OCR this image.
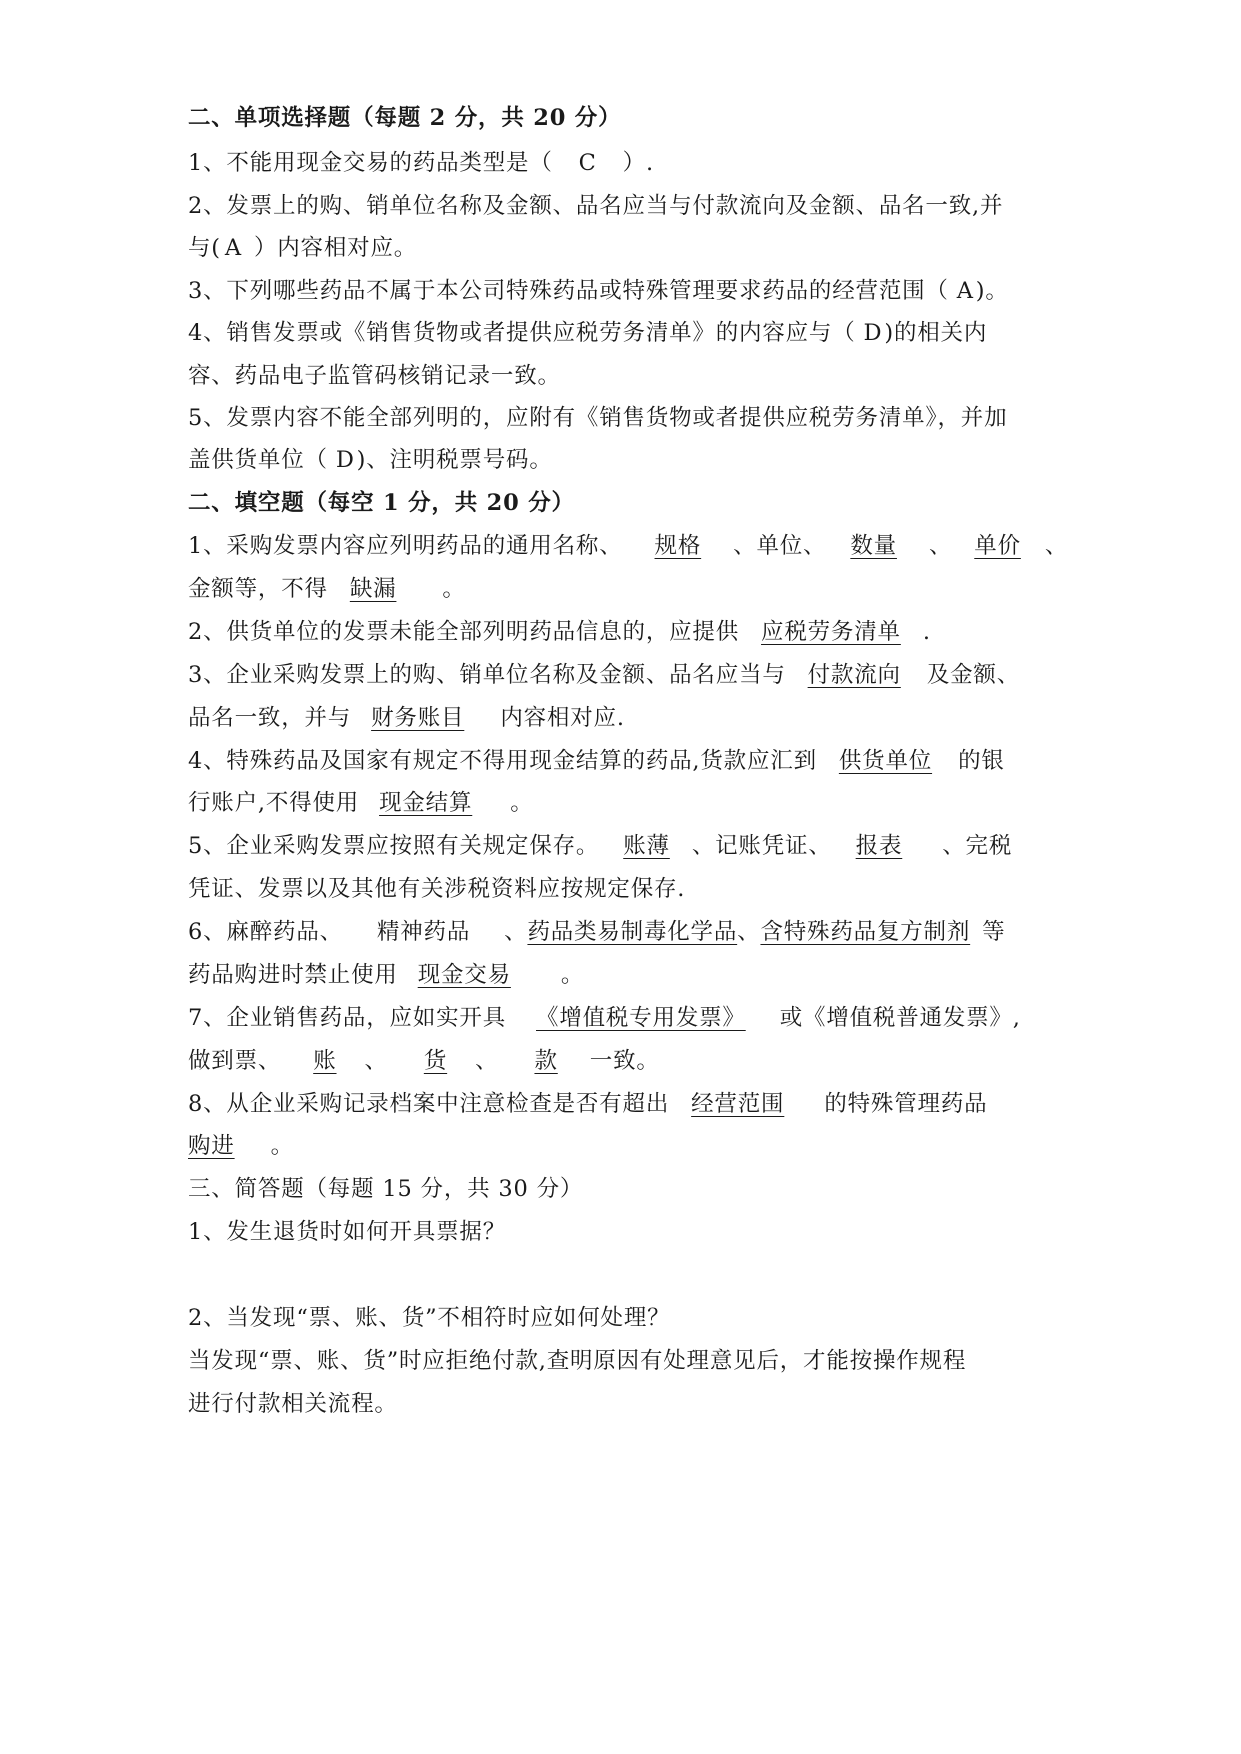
二、单项选择题（每题 2 分，共 20 分）
1、不能用现金交易的药品类型是（ C ）.
2、发票上的购、销单位名称及金额、品名应当与付款流向及金额、品名一致,并
与( A ）内容相对应。
3、下列哪些药品不属于本公司特殊药品或特殊管理要求药品的经营范围（ A)。
4、销售发票或《销售货物或者提供应税劳务清单》的内容应与（ D)的相关内
容、药品电子监管码核销记录一致。
5、发票内容不能全部列明的，应附有《销售货物或者提供应税劳务清单》，并加
盖供货单位（ D)、注明税票号码。
二、填空题（每空 1 分，共 20 分）
1、采购发票内容应列明药品的通用名称、 规格 、单位、 数量 、 单价 、
金额等，不得 缺漏 。
2、供货单位的发票未能全部列明药品信息的，应提供 应税劳务清单 .
3、企业采购发票上的购、销单位名称及金额、品名应当与 付款流向 及金额、
品名一致，并与 财务账目 内容相对应.
4、特殊药品及国家有规定不得用现金结算的药品,货款应汇到 供货单位 的银
行账户,不得使用 现金结算 。
5、企业采购发票应按照有关规定保存。 账薄 、记账凭证、 报表 、完税
凭证、发票以及其他有关涉税资料应按规定保存.
6、麻醉药品、 精神药品 、药品类易制毒化学品、含特殊药品复方制剂 等
药品购进时禁止使用 现金交易 。
7、企业销售药品，应如实开具 《增值税专用发票》 或《增值税普通发票》,
做到票、 账 、 货 、 款 一致。
8、从企业采购记录档案中注意检查是否有超出 经营范围 的特殊管理药品
购进 。
三、简答题（每题 15 分，共 30 分）
1、发生退货时如何开具票据？
2、当发现“票、账、货”不相符时应如何处理？
当发现“票、账、货”时应拒绝付款,查明原因有处理意见后，才能按操作规程
进行付款相关流程。
